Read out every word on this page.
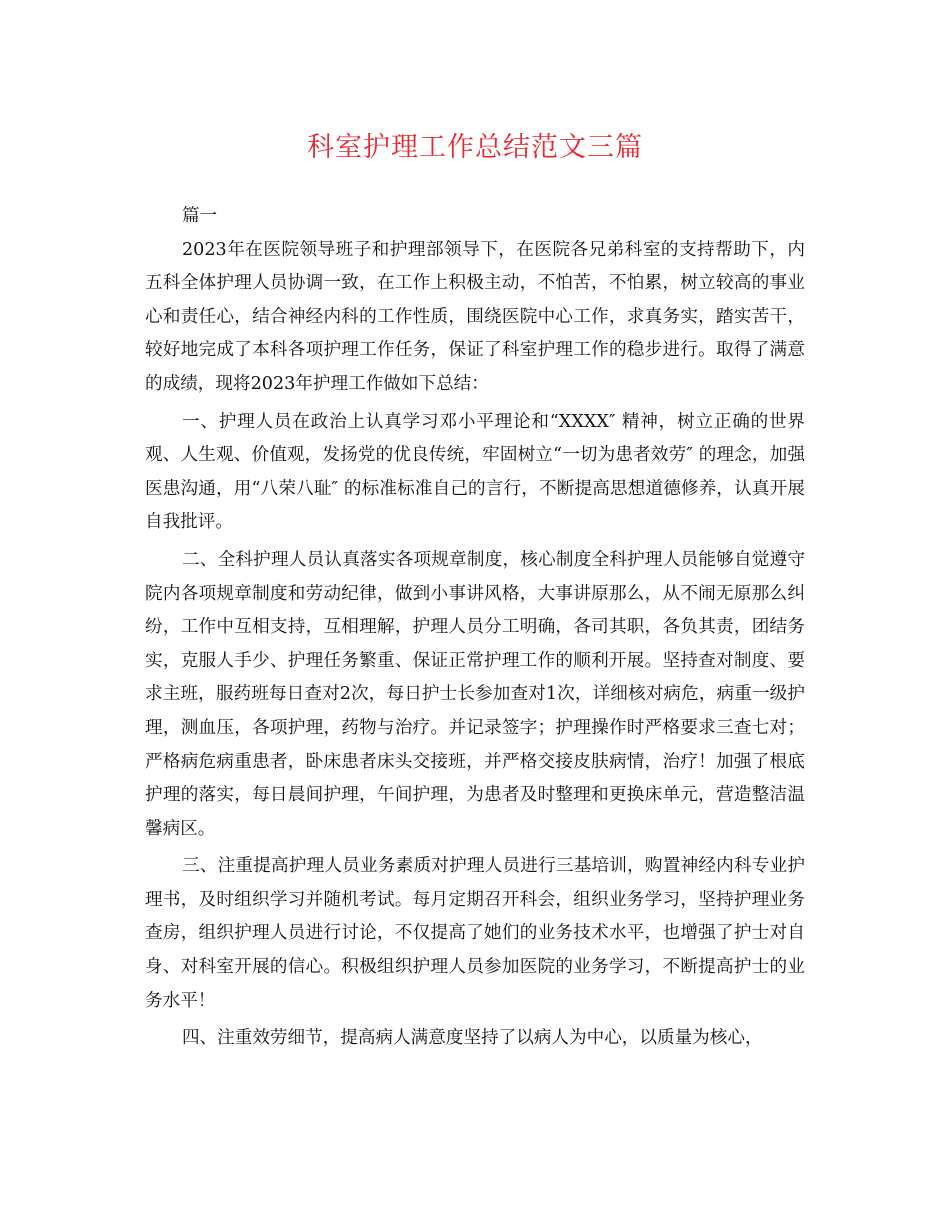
科室护理工作总结范文三篇

篇一

2023年在医院领导班子和护理部领导下，在医院各兄弟科室的支持帮助下，内五科全体护理人员协调一致，在工作上积极主动，不怕苦，不怕累，树立较高的事业心和责任心，结合神经内科的工作性质，围绕医院中心工作，求真务实，踏实苦干，较好地完成了本科各项护理工作任务，保证了科室护理工作的稳步进行。取得了满意的成绩，现将2023年护理工作做如下总结：

一、护理人员在政治上认真学习邓小平理论和“XXXX″ 精神，树立正确的世界观、人生观、价值观，发扬党的优良传统，牢固树立“一切为患者效劳″ 的理念，加强医患沟通，用“八荣八耻″ 的标准标准自己的言行，不断提高思想道德修养，认真开展自我批评。

二、全科护理人员认真落实各项规章制度，核心制度全科护理人员能够自觉遵守院内各项规章制度和劳动纪律，做到小事讲风格，大事讲原那么，从不闹无原那么纠纷，工作中互相支持，互相理解，护理人员分工明确，各司其职，各负其责，团结务实，克服人手少、护理任务繁重、保证正常护理工作的顺利开展。坚持查对制度、要求主班，服药班每日查对2次，每日护士长参加查对1次，详细核对病危，病重一级护理，测血压，各项护理，药物与治疗。并记录签字；护理操作时严格要求三查七对；严格病危病重患者，卧床患者床头交接班，并严格交接皮肤病情，治疗！加强了根底护理的落实，每日晨间护理，午间护理，为患者及时整理和更换床单元，营造整洁温馨病区。

三、注重提高护理人员业务素质对护理人员进行三基培训，购置神经内科专业护理书，及时组织学习并随机考试。每月定期召开科会，组织业务学习，坚持护理业务查房，组织护理人员进行讨论，不仅提高了她们的业务技术水平，也增强了护士对自身、对科室开展的信心。积极组织护理人员参加医院的业务学习，不断提高护士的业务水平！

四、注重效劳细节，提高病人满意度坚持了以病人为中心，以质量为核心，
